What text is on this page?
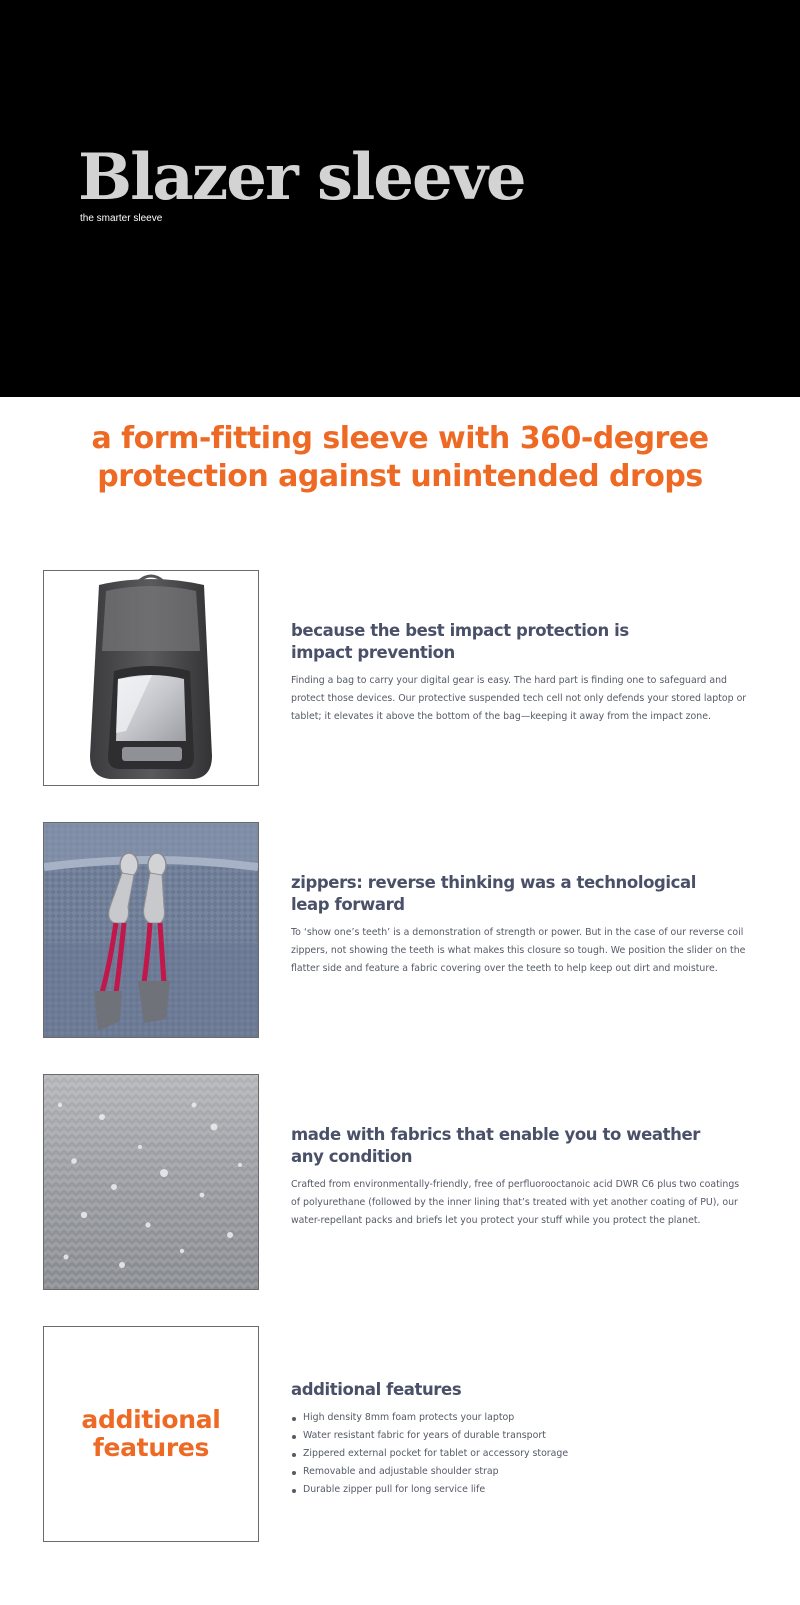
Blazer sleeve
the smarter sleeve
a form-fitting sleeve with 360-degree
protection against unintended drops
because the best impact protection is
impact prevention

Finding a bag to carry your digital gear is easy. The hard part is finding one to safeguard and protect those devices. Our protective suspended tech cell not only defends your stored laptop or tablet; it elevates it above the bottom of the bag—keeping it away from the impact zone.

zippers: reverse thinking was a technological
leap forward

To ‘show one’s teeth’ is a demonstration of strength or power. But in the case of our reverse coil zippers, not showing the teeth is what makes this closure so tough. We position the slider on the flatter side and feature a fabric covering over the teeth to help keep out dirt and moisture.

made with fabrics that enable you to weather
any condition

Crafted from environmentally-friendly, free of perfluorooctanoic acid DWR C6 plus two coatings of polyurethane (followed by the inner lining that’s treated with yet another coating of PU), our water-repellant packs and briefs let you protect your stuff while you protect the planet.

additional
features
additional features
High density 8mm foam protects your laptop
Water resistant fabric for years of durable transport
Zippered external pocket for tablet or accessory storage
Removable and adjustable shoulder strap
Durable zipper pull for long service life
